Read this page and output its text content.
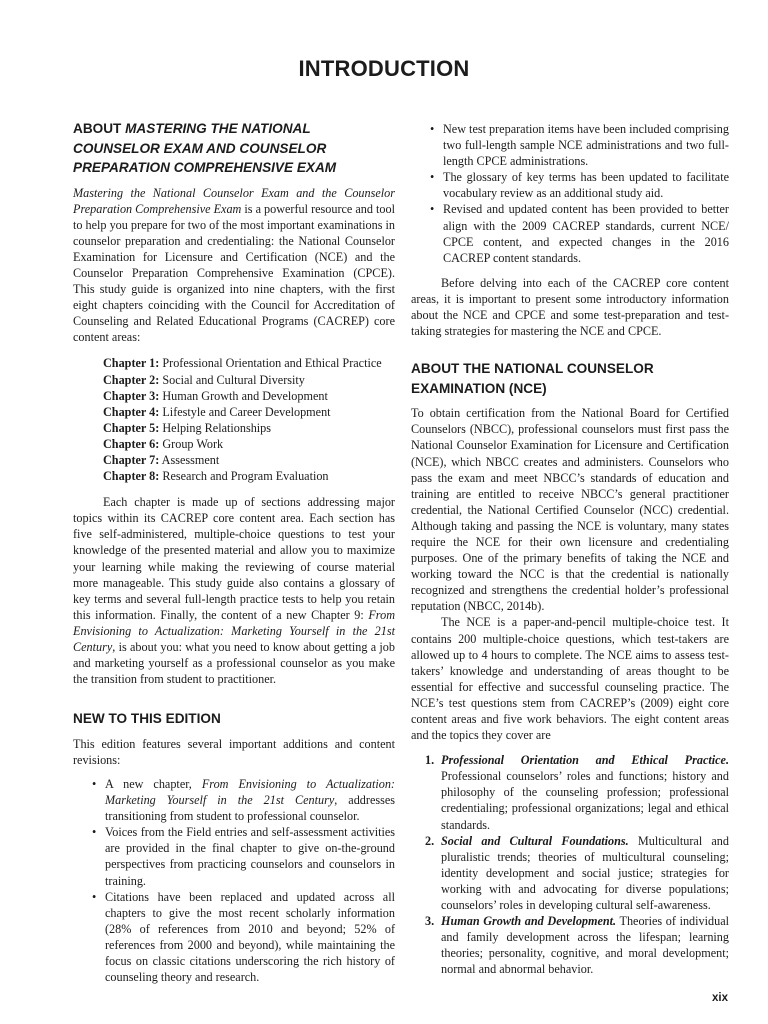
INTRODUCTION
ABOUT MASTERING THE NATIONAL COUNSELOR EXAM AND COUNSELOR PREPARATION COMPREHENSIVE EXAM

Mastering the National Counselor Exam and the Counselor Preparation Comprehensive Exam is a powerful resource and tool to help you prepare for two of the most important examinations in counselor preparation and credentialing: the National Counselor Examination for Licensure and Certification (NCE) and the Counselor Preparation Comprehensive Examination (CPCE). This study guide is organized into nine chapters, with the first eight chapters coinciding with the Council for Accreditation of Counseling and Related Educational Programs (CACREP) core content areas:

Chapter 1: Professional Orientation and Ethical Practice
Chapter 2: Social and Cultural Diversity
Chapter 3: Human Growth and Development
Chapter 4: Lifestyle and Career Development
Chapter 5: Helping Relationships
Chapter 6: Group Work
Chapter 7: Assessment
Chapter 8: Research and Program Evaluation

Each chapter is made up of sections addressing major topics within its CACREP core content area. Each section has five self-administered, multiple-choice questions to test your knowledge of the presented material and allow you to maximize your learning while making the reviewing of course material more manageable. This study guide also contains a glossary of key terms and several full-length practice tests to help you retain this information. Finally, the content of a new Chapter 9: From Envisioning to Actualization: Marketing Yourself in the 21st Century, is about you: what you need to know about getting a job and marketing yourself as a professional counselor as you make the transition from student to practitioner.

NEW TO THIS EDITION

This edition features several important additions and content revisions:

• A new chapter, From Envisioning to Actualization: Marketing Yourself in the 21st Century, addresses transitioning from student to professional counselor.
• Voices from the Field entries and self-assessment activities are provided in the final chapter to give on-the-ground perspectives from practicing counselors and counselors in training.
• Citations have been replaced and updated across all chapters to give the most recent scholarly information (28% of references from 2010 and beyond; 52% of references from 2000 and beyond), while maintaining the focus on classic citations underscoring the rich history of counseling theory and research.
• New test preparation items have been included comprising two full-length sample NCE administrations and two full-length CPCE administrations.
• The glossary of key terms has been updated to facilitate vocabulary review as an additional study aid.
• Revised and updated content has been provided to better align with the 2009 CACREP standards, current NCE/ CPCE content, and expected changes in the 2016 CACREP content standards.

Before delving into each of the CACREP core content areas, it is important to present some introductory information about the NCE and CPCE and some test-preparation and test-taking strategies for mastering the NCE and CPCE.

ABOUT THE NATIONAL COUNSELOR EXAMINATION (NCE)

To obtain certification from the National Board for Certified Counselors (NBCC), professional counselors must first pass the National Counselor Examination for Licensure and Certification (NCE), which NBCC creates and administers. Counselors who pass the exam and meet NBCC’s standards of education and training are entitled to receive NBCC’s general practitioner credential, the National Certified Counselor (NCC) credential. Although taking and passing the NCE is voluntary, many states require the NCE for their own licensure and credentialing purposes. One of the primary benefits of taking the NCE and working toward the NCC is that the credential is nationally recognized and strengthens the credential holder’s professional reputation (NBCC, 2014b).

The NCE is a paper-and-pencil multiple-choice test. It contains 200 multiple-choice questions, which test-takers are allowed up to 4 hours to complete. The NCE aims to assess test-takers’ knowledge and understanding of areas thought to be essential for effective and successful counseling practice. The NCE’s test questions stem from CACREP’s (2009) eight core content areas and five work behaviors. The eight content areas and the topics they cover are

1. Professional Orientation and Ethical Practice. Professional counselors’ roles and functions; history and philosophy of the counseling profession; professional credentialing; professional organizations; legal and ethical standards.
2. Social and Cultural Foundations. Multicultural and pluralistic trends; theories of multicultural counseling; identity development and social justice; strategies for working with and advocating for diverse populations; counselors’ roles in developing cultural self-awareness.
3. Human Growth and Development. Theories of individual and family development across the lifespan; learning theories; personality, cognitive, and moral development; normal and abnormal behavior.
xix
